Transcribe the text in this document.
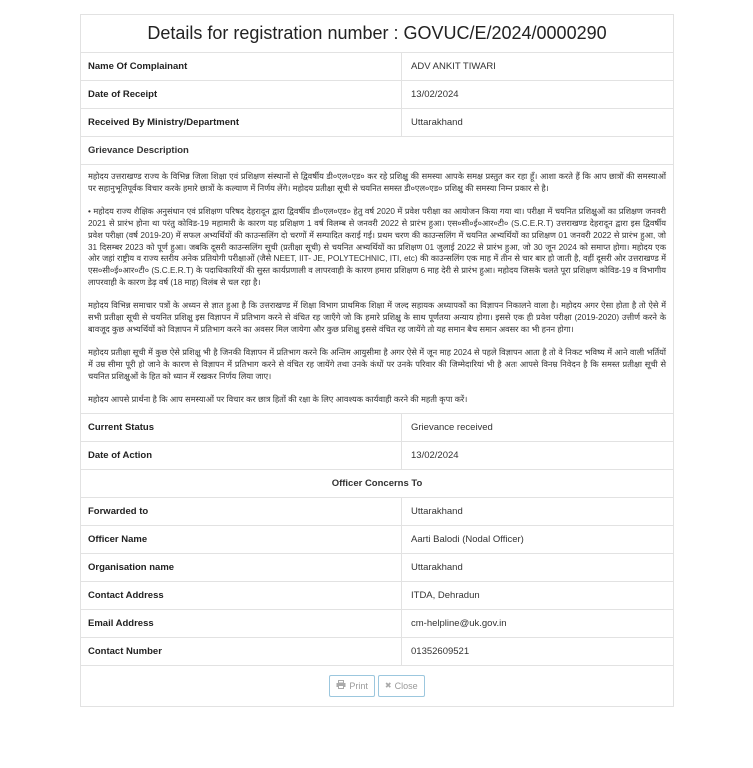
Details for registration number : GOVUC/E/2024/0000290
Name Of Complainant	ADV ANKIT TIWARI
Date of Receipt	13/02/2024
Received By Ministry/Department	Uttarakhand
Grievance Description

महोदय उत्तराखण्ड राज्य के विभिन्न जिला शिक्षा एवं प्रशिक्षण संस्थानों से द्विवर्षीय डी०एल०एड० कर रहे प्रशिक्षु की समस्या आपके समक्ष प्रस्तुत कर रहा हूँ। आशा करते हैं कि आप छात्रों की समस्याओं पर सहानुभूतिपूर्वक विचार करके हमारे छात्रों के कल्याण में निर्णय लेंगे। महोदय प्रतीक्षा सूची से चयनित समस्त डी०एल०एड० प्रशिक्षु की समस्या निम्न प्रकार से है।

• महोदय राज्य शैक्षिक अनुसंधान एवं प्रशिक्षण परिषद देहरादून द्वारा द्विवर्षीय डी०एल०एड० हेतु वर्ष 2020 में प्रवेश परीक्षा का आयोजन किया गया था। परीक्षा में चयनित प्रशिक्षुओं का प्रशिक्षण जनवरी 2021 से प्रारंभ होना था परंतु कोविड-19 महामारी के कारण यह प्रशिक्षण 1 वर्ष विलम्ब से जनवरी 2022 से प्रारंभ हुआ। एस०सी०ई०आर०टी० (S.C.E.R.T) उत्तराखण्ड देहरादून द्वारा इस द्विवर्षीय प्रवेश परीक्षा (वर्ष 2019-20) में सफल अभ्यर्थियों की काउन्सलिंग दो चरणों में सम्पादित कराई गई। प्रथम चरण की काउन्सलिंग में चयनित अभ्यर्थियों का प्रशिक्षण 01 जनवरी 2022 से प्रारंभ हुआ, जो 31 दिसम्बर 2023 को पूर्ण हुआ। जबकि दूसरी काउन्सलिंग सूची (प्रतीक्षा सूची) से चयनित अभ्यर्थियों का प्रशिक्षण 01 जुलाई 2022 से प्रारंभ हुआ, जो 30 जून 2024 को समाप्त होगा। महोदय एक ओर जहां राष्ट्रीय व राज्य स्तरीय अनेक प्रतियोगी परीक्षाओं (जैसे NEET, IIT- JE, POLYTECHNIC, ITI, etc) की काउन्सलिंग एक माह में तीन से चार बार हो जाती है, वहीं दूसरी ओर उत्तराखण्ड में एस०सी०ई०आर०टी० (S.C.E.R.T) के पदाधिकारियों की सुस्त कार्यप्रणाली व लापरवाही के कारण हमारा प्रशिक्षण 6 माह देरी से प्रारंभ हुआ। महोदय जिसके चलते पूरा प्रशिक्षण कोविड-19 व विभागीय लापरवाही के कारण डेढ़ वर्ष (18 माह) विलंब से चल रहा है।

महोदय विभिन्न समाचार पत्रों के अध्यन से ज्ञात हुआ है कि उत्तराखण्ड में शिक्षा विभाग प्राथमिक शिक्षा में जल्द सहायक अध्यापकों का विज्ञापन निकालने वाला है। महोदय अगर ऐसा होता है तो ऐसे में सभी प्रतीक्षा सूची से चयनित प्रशिक्षु इस विज्ञापन में प्रतिभाग करने से वंचित रह जाएँगे जो कि हमारे प्रशिक्षु के साथ पूर्णतया अन्याय होगा। इससे एक ही प्रवेश परीक्षा (2019-2020) उत्तीर्ण करने के बावजूद कुछ अभ्यर्थियों को विज्ञापन में प्रतिभाग करने का अवसर मिल जायेगा और कुछ प्रशिक्षु इससे वंचित रह जायेंगे तो यह समान बैच समान अवसर का भी हनन होगा।

महोदय प्रतीक्षा सूची में कुछ ऐसे प्रशिक्षु भी है जिनकी विज्ञापन में प्रतिभाग करने कि अन्तिम आयुसीमा है अगर ऐसे में जून माह 2024 से पहले विज्ञापन आता है तो वे निकट भविष्य में आने वाली भर्तियों में उम्र सीमा पूरी हो जाने के कारण से विज्ञापन में प्रतिभाग करने से वंचित रह जायेंगे तथा उनके कंधों पर उनके परिवार की जिम्मेदारियां भी है अतः आपसे विनम्र निवेदन है कि समस्त प्रतीक्षा सूची से चयनित प्रशिक्षुओं के हित को ध्यान में रखकर निर्णय लिया जाए।

महोदय आपसे प्रार्थना है कि आप समस्याओं पर विचार कर छात्र हितों की रक्षा के लिए आवश्यक कार्यवाही करने की महती कृपा करें।

Current Status	Grievance received
Date of Action	13/02/2024
Officer Concerns To
Forwarded to	Uttarakhand
Officer Name	Aarti Balodi (Nodal Officer)
Organisation name	Uttarakhand
Contact Address	ITDA, Dehradun
Email Address	cm-helpline@uk.gov.in
Contact Number	01352609521
Print ✖ Close
